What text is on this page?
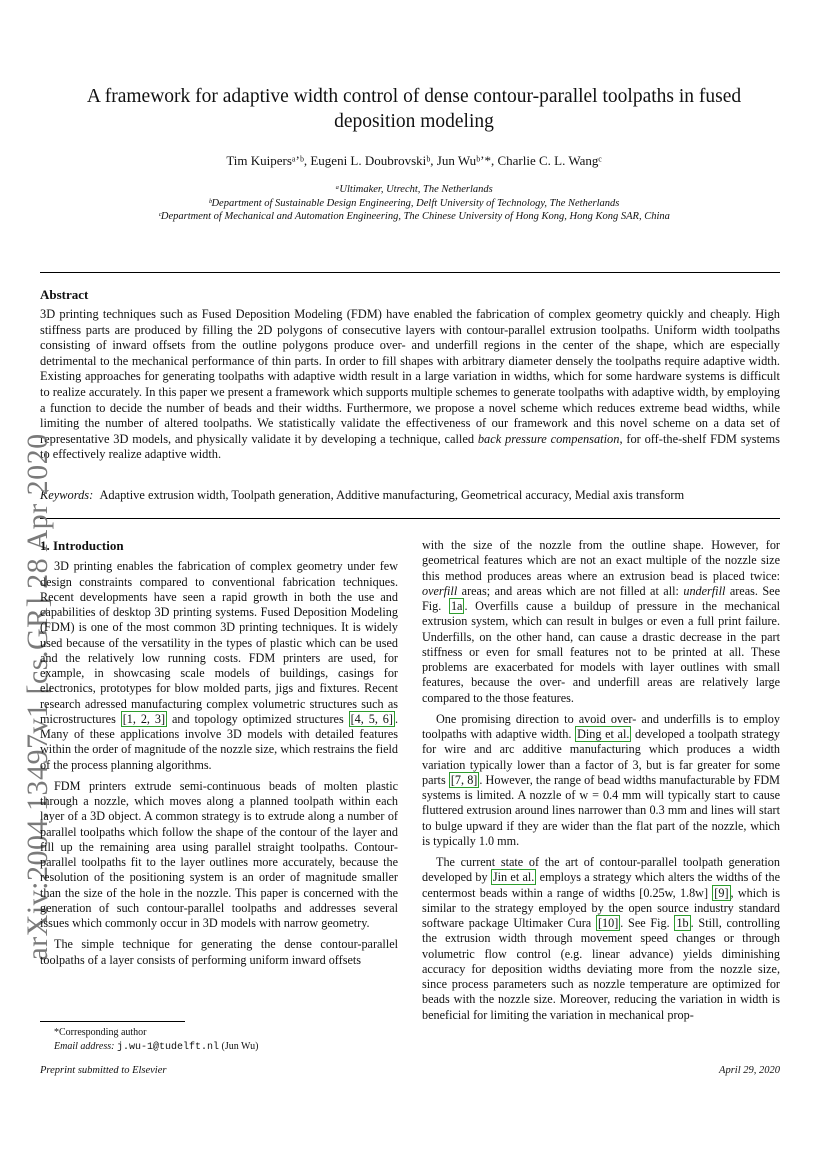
A framework for adaptive width control of dense contour-parallel toolpaths in fused deposition modeling
Tim Kuipersᵃʼᵇ, Eugeni L. Doubrovskiᵇ, Jun Wuᵇʼ*, Charlie C. L. Wangᶜ
ᵃUltimaker, Utrecht, The Netherlands
ᵇDepartment of Sustainable Design Engineering, Delft University of Technology, The Netherlands
ᶜDepartment of Mechanical and Automation Engineering, The Chinese University of Hong Kong, Hong Kong SAR, China
Abstract
3D printing techniques such as Fused Deposition Modeling (FDM) have enabled the fabrication of complex geometry quickly and cheaply. High stiffness parts are produced by filling the 2D polygons of consecutive layers with contour-parallel extrusion toolpaths. Uniform width toolpaths consisting of inward offsets from the outline polygons produce over- and underfill regions in the center of the shape, which are especially detrimental to the mechanical performance of thin parts. In order to fill shapes with arbitrary diameter densely the toolpaths require adaptive width. Existing approaches for generating toolpaths with adaptive width result in a large variation in widths, which for some hardware systems is difficult to realize accurately. In this paper we present a framework which supports multiple schemes to generate toolpaths with adaptive width, by employing a function to decide the number of beads and their widths. Furthermore, we propose a novel scheme which reduces extreme bead widths, while limiting the number of altered toolpaths. We statistically validate the effectiveness of our framework and this novel scheme on a data set of representative 3D models, and physically validate it by developing a technique, called back pressure compensation, for off-the-shelf FDM systems to effectively realize adaptive width.
Keywords: Adaptive extrusion width, Toolpath generation, Additive manufacturing, Geometrical accuracy, Medial axis transform
arXiv:2004.13497v1 [cs.GR] 28 Apr 2020

1. Introduction

3D printing enables the fabrication of complex geometry under few design constraints compared to conventional fabrication techniques. Recent developments have seen a rapid growth in both the use and capabilities of desktop 3D printing systems. Fused Deposition Modeling (FDM) is one of the most common 3D printing techniques. It is widely used because of the versatility in the types of plastic which can be used and the relatively low running costs. FDM printers are used, for example, in showcasing scale models of buildings, casings for electronics, prototypes for blow molded parts, jigs and fixtures. Recent research adressed manufacturing complex volumetric structures such as microstructures [1, 2, 3] and topology optimized structures [4, 5, 6] . Many of these applications involve 3D models with detailed features within the order of magnitude of the nozzle size, which restrains the field of the process planning algorithms.

FDM printers extrude semi-continuous beads of molten plastic through a nozzle, which moves along a planned toolpath within each layer of a 3D object. A common strategy is to extrude along a number of parallel toolpaths which follow the shape of the contour of the layer and fill up the remaining area using parallel straight toolpaths. Contour-parallel toolpaths fit to the layer outlines more accurately, because the resolution of the positioning system is an order of magnitude smaller than the size of the hole in the nozzle. This paper is concerned with the generation of such contour-parallel toolpaths and addresses several issues which commonly occur in 3D models with narrow geometry.

The simple technique for generating the dense contour-parallel toolpaths of a layer consists of performing uniform inward offsets

with the size of the nozzle from the outline shape. However, for geometrical features which are not an exact multiple of the nozzle size this method produces areas where an extrusion bead is placed twice: overfill areas; and areas which are not filled at all: underfill areas. See Fig. 1a . Overfills cause a buildup of pressure in the mechanical extrusion system, which can result in bulges or even a full print failure. Underfills, on the other hand, can cause a drastic decrease in the part stiffness or even for small features not to be printed at all. These problems are exacerbated for models with layer outlines with small features, because the over- and underfill areas are relatively large compared to the those features.

One promising direction to avoid over- and underfills is to employ toolpaths with adaptive width. Ding et al. developed a toolpath strategy for wire and arc additive manufacturing which produces a width variation typically lower than a factor of 3, but is far greater for some parts [7, 8] . However, the range of bead widths manufacturable by FDM systems is limited. A nozzle of w = 0.4 mm will typically start to cause fluttered extrusion around lines narrower than 0.3 mm and lines will start to bulge upward if they are wider than the flat part of the nozzle, which is typically 1.0 mm.

The current state of the art of contour-parallel toolpath generation developed by Jin et al. employs a strategy which alters the widths of the centermost beads within a range of widths [0.25w, 1.8w] [9] , which is similar to the strategy employed by the open source industry standard software package Ultimaker Cura [10] . See Fig. 1b . Still, controlling the extrusion width through movement speed changes or through volumetric flow control (e.g. linear advance) yields diminishing accuracy for deposition widths deviating more from the nozzle size, since process parameters such as nozzle temperature are optimized for beads with the nozzle size. Moreover, reducing the variation in width is beneficial for limiting the variation in mechanical prop-

*Corresponding author
Email address: j.wu-1@tudelft.nl (Jun Wu)
Preprint submitted to Elsevier	April 29, 2020
